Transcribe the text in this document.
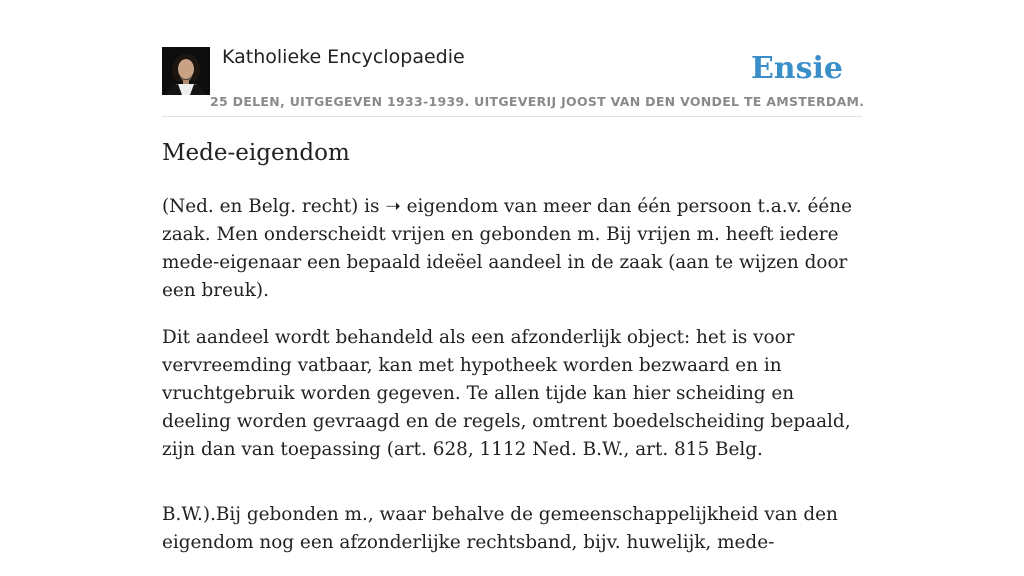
Katholieke Encyclopaedie	Ensie
25 DELEN, UITGEGEVEN 1933-1939. UITGEVERIJ JOOST VAN DEN VONDEL TE AMSTERDAM.
Mede-eigendom

(Ned. en Belg. recht) is ➝ eigendom van meer dan één persoon t.a.v. ééne zaak. Men onderscheidt vrijen en gebonden m. Bij vrijen m. heeft iedere mede-eigenaar een bepaald ideëel aandeel in de zaak (aan te wijzen door een breuk).

Dit aandeel wordt behandeld als een afzonderlijk object: het is voor vervreemding vatbaar, kan met hypotheek worden bezwaard en in vruchtgebruik worden gegeven. Te allen tijde kan hier scheiding en deeling worden gevraagd en de regels, omtrent boedelscheiding bepaald, zijn dan van toepassing (art. 628, 1112 Ned. B.W., art. 815 Belg.

B.W.).Bij gebonden m., waar behalve de gemeenschappelijkheid van den eigendom nog een afzonderlijke rechtsband, bijv. huwelijk, mede-
